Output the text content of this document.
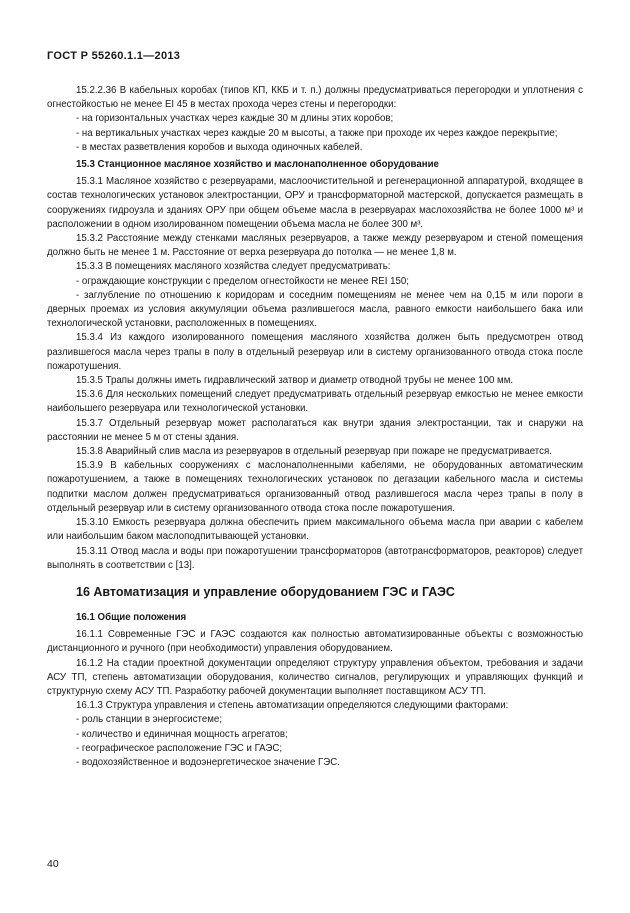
ГОСТ Р 55260.1.1—2013
15.2.2.36 В кабельных коробах (типов КП, ККБ и т. п.) должны предусматриваться перегородки и уплотнения с огнестойкостью не менее EI 45 в местах прохода через стены и перегородки:
- на горизонтальных участках через каждые 30 м длины этих коробов;
- на вертикальных участках через каждые 20 м высоты, а также при проходе их через каждое перекрытие;
- в местах разветвления коробов и выхода одиночных кабелей.
15.3 Станционное масляное хозяйство и маслонаполненное оборудование
15.3.1 Масляное хозяйство с резервуарами, маслоочистительной и регенерационной аппаратурой, входящее в состав технологических установок электростанции, ОРУ и трансформаторной мастерской, допускается размещать в сооружениях гидроузла и зданиях ОРУ при общем объеме масла в резервуарах маслохозяйства не более 1000 м³ и расположении в одном изолированном помещении объема масла не более 300 м³.
15.3.2 Расстояние между стенками масляных резервуаров, а также между резервуаром и стеной помещения должно быть не менее 1 м. Расстояние от верха резервуара до потолка — не менее 1,8 м.
15.3.3 В помещениях масляного хозяйства следует предусматривать:
- ограждающие конструкции с пределом огнестойкости не менее REI 150;
- заглубление по отношению к коридорам и соседним помещениям не менее чем на 0,15 м или пороги в дверных проемах из условия аккумуляции объема разлившегося масла, равного емкости наибольшего бака или технологической установки, расположенных в помещениях.
15.3.4 Из каждого изолированного помещения масляного хозяйства должен быть предусмотрен отвод разлившегося масла через трапы в полу в отдельный резервуар или в систему организованного отвода стока после пожаротушения.
15.3.5 Трапы должны иметь гидравлический затвор и диаметр отводной трубы не менее 100 мм.
15.3.6 Для нескольких помещений следует предусматривать отдельный резервуар емкостью не менее емкости наибольшего резервуара или технологической установки.
15.3.7 Отдельный резервуар может располагаться как внутри здания электростанции, так и снаружи на расстоянии не менее 5 м от стены здания.
15.3.8 Аварийный слив масла из резервуаров в отдельный резервуар при пожаре не предусматривается.
15.3.9 В кабельных сооружениях с маслонаполненными кабелями, не оборудованных автоматическим пожаротушением, а также в помещениях технологических установок по дегазации кабельного масла и системы подпитки маслом должен предусматриваться организованный отвод разлившегося масла через трапы в полу в отдельный резервуар или в систему организованного отвода стока после пожаротушения.
15.3.10 Емкость резервуара должна обеспечить прием максимального объема масла при аварии с кабелем или наибольшим баком маслоподпитывающей установки.
15.3.11 Отвод масла и воды при пожаротушении трансформаторов (автотрансформаторов, реакторов) следует выполнять в соответствии с [13].
16 Автоматизация и управление оборудованием ГЭС и ГАЭС
16.1 Общие положения
16.1.1 Современные ГЭС и ГАЭС создаются как полностью автоматизированные объекты с возможностью дистанционного и ручного (при необходимости) управления оборудованием.
16.1.2 На стадии проектной документации определяют структуру управления объектом, требования и задачи АСУ ТП, степень автоматизации оборудования, количество сигналов, регулирующих и управляющих функций и структурную схему АСУ ТП. Разработку рабочей документации выполняет поставщиком АСУ ТП.
16.1.3 Структура управления и степень автоматизации определяются следующими факторами:
- роль станции в энергосистеме;
- количество и единичная мощность агрегатов;
- географическое расположение ГЭС и ГАЭС;
- водохозяйственное и водоэнергетическое значение ГЭС.
40
